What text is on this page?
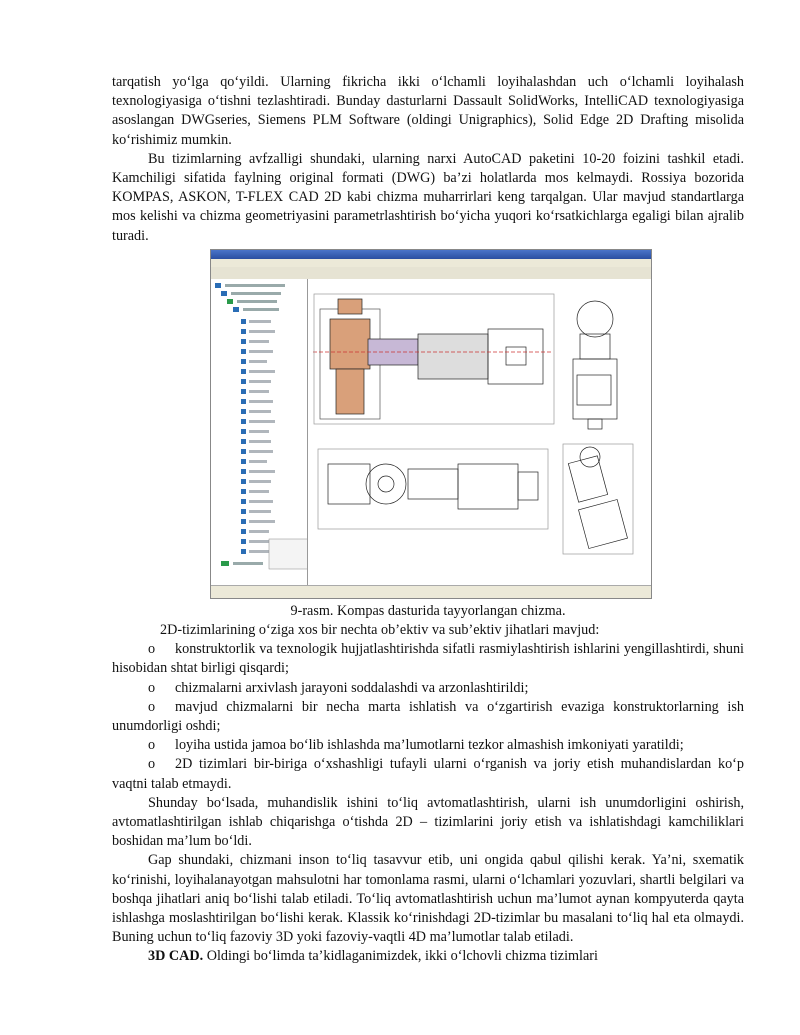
tarqatish yo‘lga qo‘yildi. Ularning fikricha ikki o‘lchamli loyihalashdan uch o‘lchamli loyihalash texnologiyasiga o‘tishni tezlashtiradi. Bunday dasturlarni Dassault SolidWorks, IntelliCAD texnologiyasiga asoslangan DWGseries, Siemens PLM Software (oldingi Unigraphics), Solid Edge 2D Drafting misolida ko‘rishimiz mumkin.

Bu tizimlarning avfzalligi shundaki, ularning narxi AutoCAD paketini 10-20 foizini tashkil etadi. Kamchiligi sifatida faylning original formati (DWG) ba’zi holatlarda mos kelmaydi. Rossiya bozorida KOMPAS, ASKON, T-FLEX CAD 2D kabi chizma muharrirlari keng tarqalgan. Ular mavjud standartlarga mos kelishi va chizma geometriyasini parametrlashtirish bo‘yicha yuqori ko‘rsatkichlarga egaligi bilan ajralib turadi.

9-rasm. Kompas dasturida tayyorlangan chizma.

2D-tizimlarining o‘ziga xos bir nechta ob’ektiv va sub’ektiv jihatlari mavjud:

o konstruktorlik va texnologik hujjatlashtirishda sifatli rasmiylashtirish ishlarini yengillashtirdi, shuni hisobidan shtat birligi qisqardi;

o chizmalarni arxivlash jarayoni soddalashdi va arzonlashtirildi;

o mavjud chizmalarni bir necha marta ishlatish va o‘zgartirish evaziga konstruktorlarning ish unumdorligi oshdi;

o loyiha ustida jamoa bo‘lib ishlashda ma’lumotlarni tezkor almashish imkoniyati yaratildi;

o 2D tizimlari bir-biriga o‘xshashligi tufayli ularni o‘rganish va joriy etish muhandislardan ko‘p vaqtni talab etmaydi.

Shunday bo‘lsada, muhandislik ishini to‘liq avtomatlashtirish, ularni ish unumdorligini oshirish, avtomatlashtirilgan ishlab chiqarishga o‘tishda 2D – tizimlarini joriy etish va ishlatishdagi kamchiliklari boshidan ma’lum bo‘ldi.

Gap shundaki, chizmani inson to‘liq tasavvur etib, uni ongida qabul qilishi kerak. Ya’ni, sxematik ko‘rinishi, loyihalanayotgan mahsulotni har tomonlama rasmi, ularni o‘lchamlari yozuvlari, shartli belgilari va boshqa jihatlari aniq bo‘lishi talab etiladi. To‘liq avtomatlashtirish uchun ma’lumot aynan kompyuterda qayta ishlashga moslashtirilgan bo‘lishi kerak. Klassik ko‘rinishdagi 2D-tizimlar bu masalani to‘liq hal eta olmaydi. Buning uchun to‘liq fazoviy 3D yoki fazoviy-vaqtli 4D ma’lumotlar talab etiladi.

3D CAD. Oldingi bo‘limda ta’kidlaganimizdek, ikki o‘lchovli chizma tizimlari
